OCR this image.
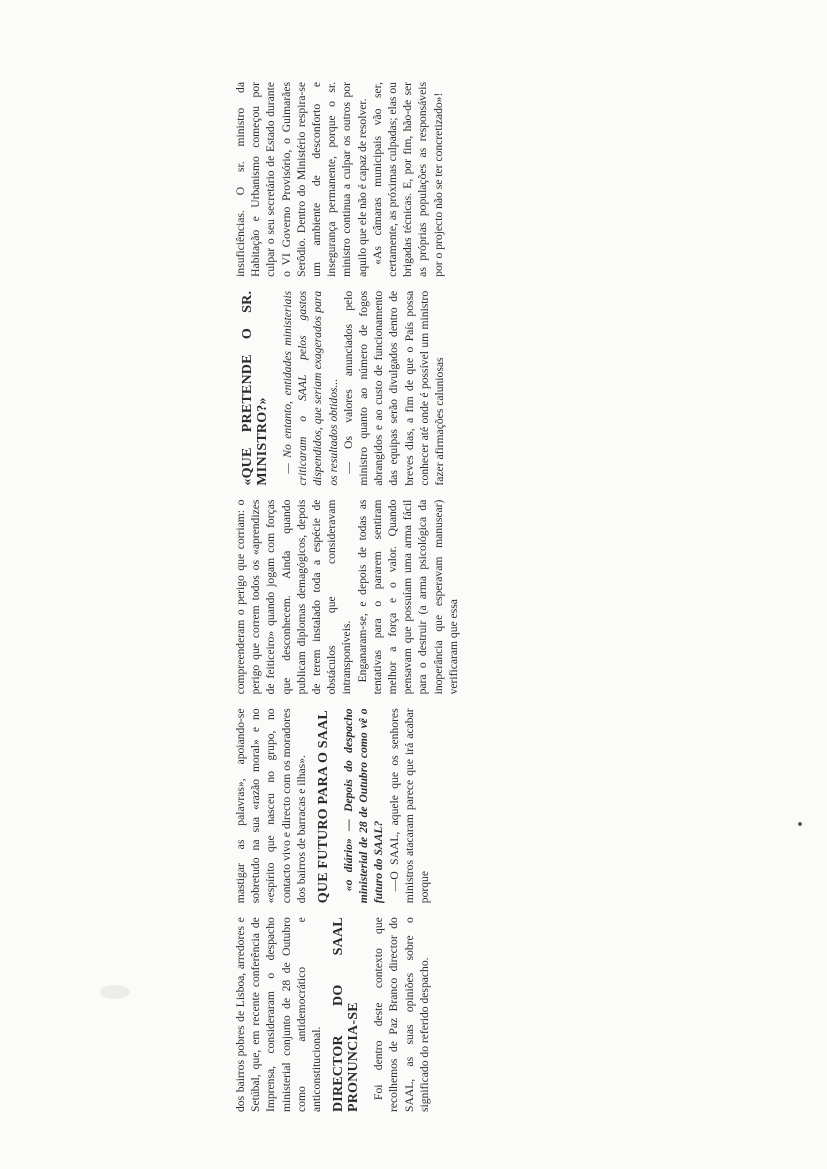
dos bairros pobres de Lisboa, arredores e Setúbal, que, em recente conferência de Imprensa, consideraram o despacho ministerial conjunto de 28 de Outubro como antidemocrático e anticonstitucional. DIRECTOR DO SAAL PRONUNCIA-SE Foi dentro deste contexto que recolhemos de Paz Branco director do SAAL, as suas opiniões sobre o significado do referido despacho.

mastigar as palavras», apoiando-se sobretudo na sua «razão moral» e no «espírito que nasceu no grupo, no contacto vivo e directo com os moradores dos bairros de barracas e ilhas». QUE FUTURO PARA O SAAL «o diário» — Depois do despacho ministerial de 28 de Outubro como vê o futuro do SAAL? —O SAAL, aquele que os senhores ministros atacaram parece que irá acabar porque

compreenderam o perigo que corriam: o perigo que correm todos os «aprendizes de feiticeiro» quando jogam com forças que desconhecem. Ainda quando publicam diplomas demagógicos, depois de terem instalado toda a espécie de obstáculos que consideravam intransponíveis. Enganaram-se, e depois de todas as tentativas para o pararem sentiram melhor a força e o valor. Quando pensavam que possuíam uma arma fácil para o destruir (a arma psicológica da inoperância que esperavam manusear) verificaram que essa

«QUE PRETENDE O SR. MINISTRO?» — No entanto, entidades ministeriais criticaram o SAAL pelos gastos dispendidos, que seriam exagerados para os resultados obtidos... — Os valores anunciados pelo ministro quanto ao número de fogos abrangidos e ao custo de funcionamento das equipas serão divulgados dentro de breves dias, a fim de que o País possa conhecer até onde é possível um ministro fazer afirmações caluniosas

insuficiências. O sr. ministro da Habitação e Urbanismo começou por culpar o seu secretário de Estado durante o VI Governo Provisório, o Guimarães Serôdio. Dentro do Ministério respira-se um ambiente de desconforto e insegurança permanente, porque o sr. ministro continua a culpar os outros por aquilo que ele não é capaz de resolver. «As câmaras municipais vão ser, certamente, as próximas culpadas; elas ou brigadas técnicas. E, por fim, hão-de ser as próprias populações as responsáveis por o projecto não se ter concretizado»!
